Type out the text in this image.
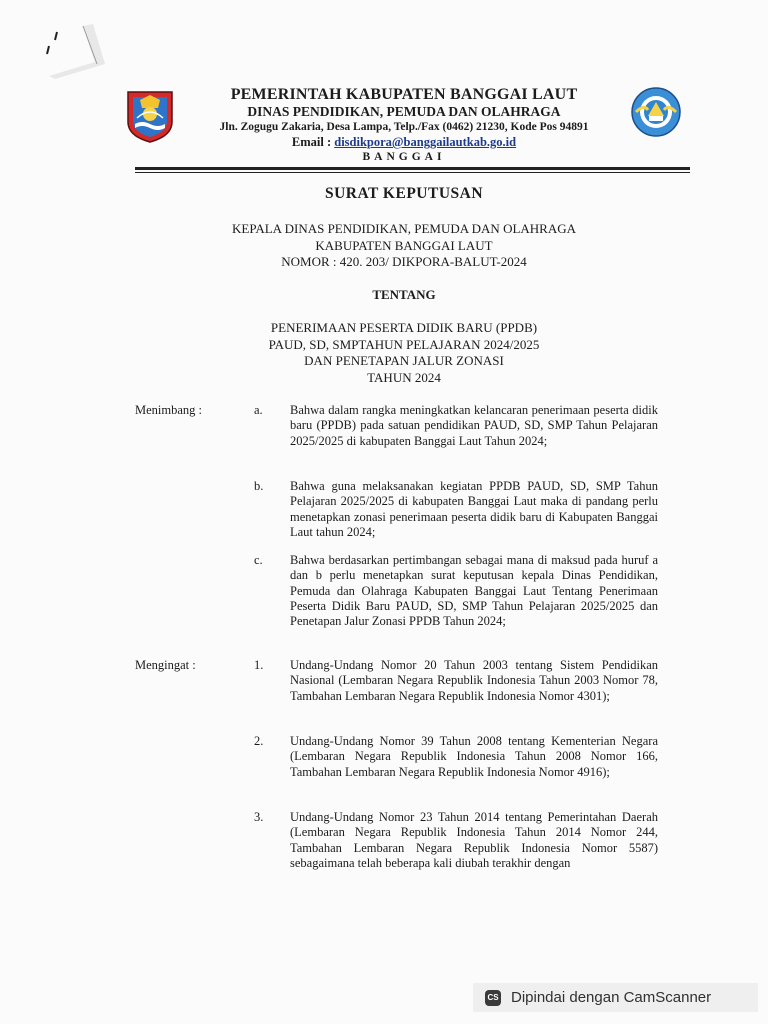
PEMERINTAH KABUPATEN BANGGAI LAUT
DINAS PENDIDIKAN, PEMUDA DAN OLAHRAGA
Jln. Zogugu Zakaria, Desa Lampa, Telp./Fax (0462) 21230, Kode Pos 94891
Email : disdikpora@banggailautkab.go.id
BANGGAI
SURAT KEPUTUSAN
KEPALA DINAS PENDIDIKAN, PEMUDA DAN OLAHRAGA
KABUPATEN BANGGAI LAUT
NOMOR : 420. 203/ DIKPORA-BALUT-2024
TENTANG
PENERIMAAN PESERTA DIDIK BARU (PPDB)
PAUD, SD, SMPTAHUN PELAJARAN 2024/2025
DAN PENETAPAN JALUR ZONASI
TAHUN 2024
Menimbang :	a. Bahwa dalam rangka meningkatkan kelancaran penerimaan peserta didik baru (PPDB) pada satuan pendidikan PAUD, SD, SMP Tahun Pelajaran 2025/2025 di kabupaten Banggai Laut Tahun 2024;
b. Bahwa guna melaksanakan kegiatan PPDB PAUD, SD, SMP Tahun Pelajaran 2025/2025 di kabupaten Banggai Laut maka di pandang perlu menetapkan zonasi penerimaan peserta didik baru di Kabupaten Banggai Laut tahun 2024;
c. Bahwa berdasarkan pertimbangan sebagai mana di maksud pada huruf a dan b perlu menetapkan surat keputusan kepala Dinas Pendidikan, Pemuda dan Olahraga Kabupaten Banggai Laut Tentang Penerimaan Peserta Didik Baru PAUD, SD, SMP Tahun Pelajaran 2025/2025 dan Penetapan Jalur Zonasi PPDB Tahun 2024;
Mengingat :	1. Undang-Undang Nomor 20 Tahun 2003 tentang Sistem Pendidikan Nasional (Lembaran Negara Republik Indonesia Tahun 2003 Nomor 78, Tambahan Lembaran Negara Republik Indonesia Nomor 4301);
2. Undang-Undang Nomor 39 Tahun 2008 tentang Kementerian Negara (Lembaran Negara Republik Indonesia Tahun 2008 Nomor 166, Tambahan Lembaran Negara Republik Indonesia Nomor 4916);
3. Undang-Undang Nomor 23 Tahun 2014 tentang Pemerintahan Daerah (Lembaran Negara Republik Indonesia Tahun 2014 Nomor 244, Tambahan Lembaran Negara Republik Indonesia Nomor 5587) sebagaimana telah beberapa kali diubah terakhir dengan
CS Dipindai dengan CamScanner
